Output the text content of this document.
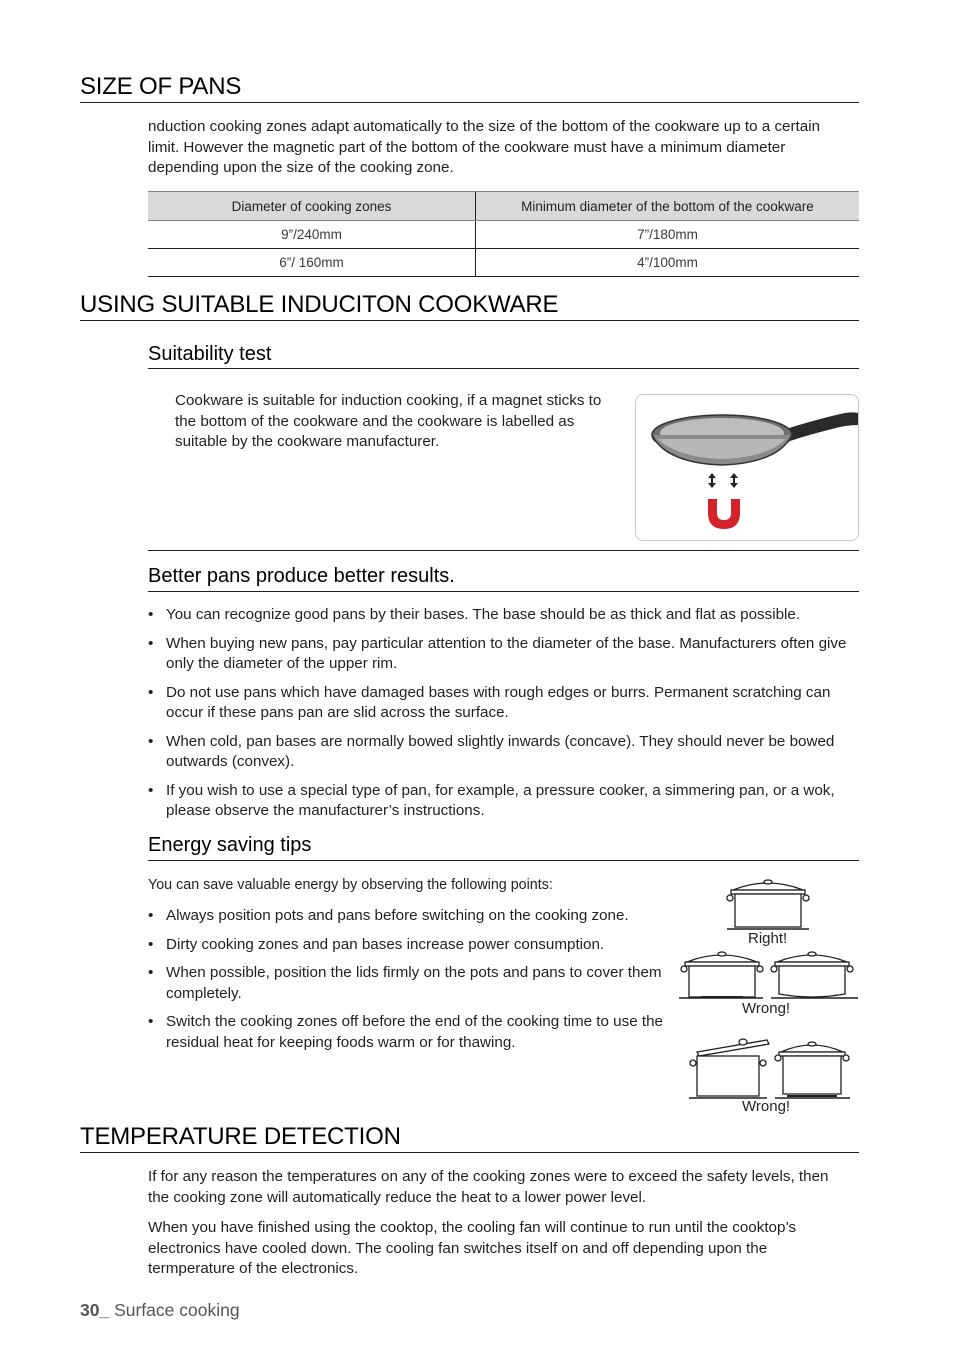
SIZE OF PANS
nduction cooking zones adapt automatically to the size of the bottom of the cookware up to a certain limit. However the magnetic part of the bottom of the cookware must have a minimum diameter depending upon the size of the cooking zone.
Diameter of cooking zones	Minimum diameter of the bottom of the cookware
9”/240mm	7”/180mm
6”/ 160mm	4”/100mm
USING SUITABLE INDUCITON COOKWARE
Suitability test
Cookware is suitable for induction cooking, if a magnet sticks to the bottom of the cookware and the cookware is labelled as suitable by the cookware manufacturer.
Better pans produce better results.
• You can recognize good pans by their bases. The base should be as thick and flat as possible.
• When buying new pans, pay particular attention to the diameter of the base. Manufacturers often give only the diameter of the upper rim.
• Do not use pans which have damaged bases with rough edges or burrs. Permanent scratching can occur if these pans pan are slid across the surface.
• When cold, pan bases are normally bowed slightly inwards (concave). They should never be bowed outwards (convex).
• If you wish to use a special type of pan, for example, a pressure cooker, a simmering pan, or a wok, please observe the manufacturer’s instructions.
Energy saving tips
You can save valuable energy by observing the following points:
• Always position pots and pans before switching on the cooking zone.
• Dirty cooking zones and pan bases increase power consumption.
• When possible, position the lids firmly on the pots and pans to cover them completely.
• Switch the cooking zones off before the end of the cooking time to use the residual heat for keeping foods warm or for thawing.
Right!
Wrong!
Wrong!
TEMPERATURE DETECTION
If for any reason the temperatures on any of the cooking zones were to exceed the safety levels, then the cooking zone will automatically reduce the heat to a lower power level.
When you have finished using the cooktop, the cooling fan will continue to run until the cooktop’s electronics have cooled down. The cooling fan switches itself on and off depending upon the termperature of the electronics.
30_ Surface cooking
